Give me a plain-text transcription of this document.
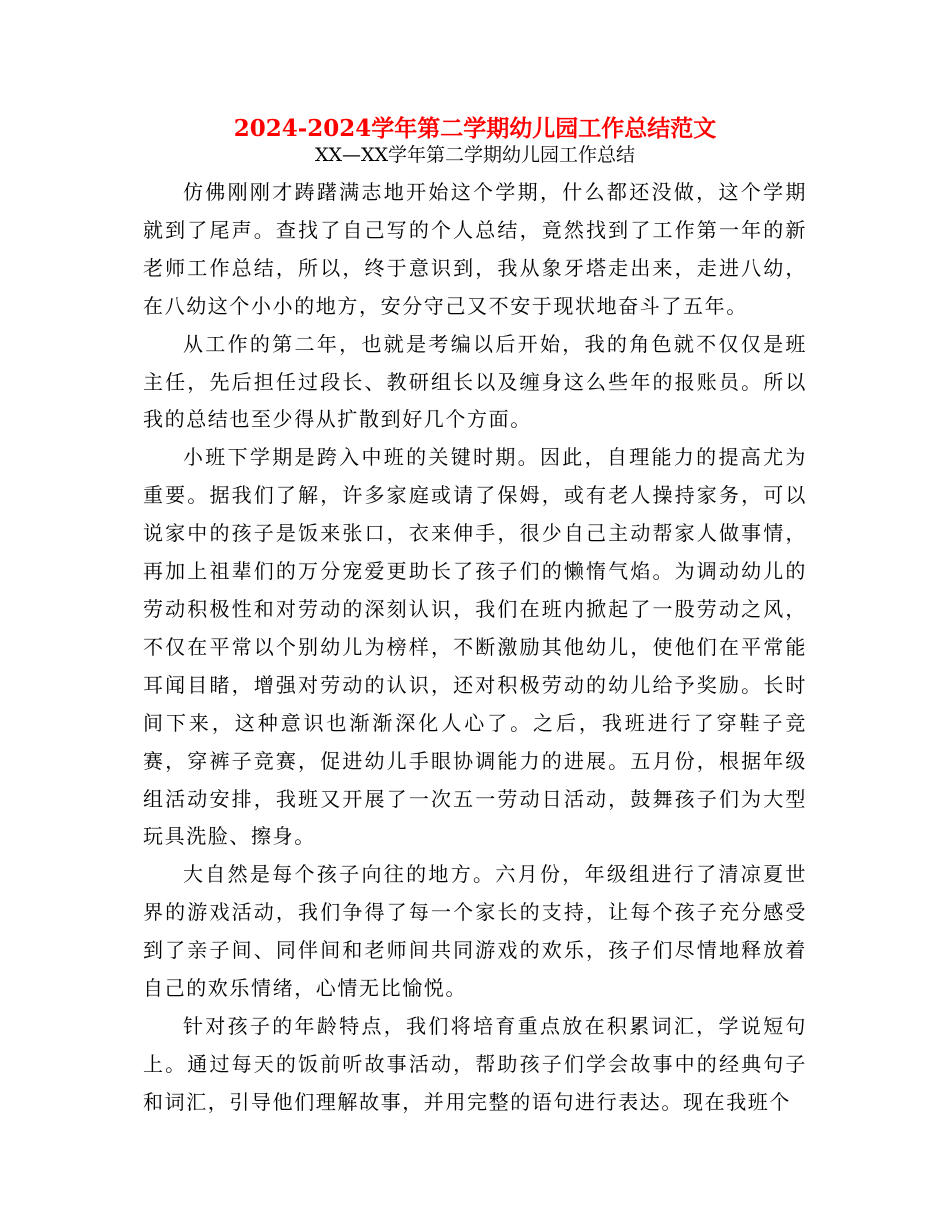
2024-2024学年第二学期幼儿园工作总结范文
XX—XX学年第二学期幼儿园工作总结

仿佛刚刚才踌躇满志地开始这个学期，什么都还没做，这个学期就到了尾声。查找了自己写的个人总结，竟然找到了工作第一年的新老师工作总结，所以，终于意识到，我从象牙塔走出来，走进八幼，在八幼这个小小的地方，安分守己又不安于现状地奋斗了五年。

从工作的第二年，也就是考编以后开始，我的角色就不仅仅是班主任，先后担任过段长、教研组长以及缠身这么些年的报账员。所以我的总结也至少得从扩散到好几个方面。

小班下学期是跨入中班的关键时期。因此，自理能力的提高尤为重要。据我们了解，许多家庭或请了保姆，或有老人操持家务，可以说家中的孩子是饭来张口，衣来伸手，很少自己主动帮家人做事情，再加上祖辈们的万分宠爱更助长了孩子们的懒惰气焰。为调动幼儿的劳动积极性和对劳动的深刻认识，我们在班内掀起了一股劳动之风，不仅在平常以个别幼儿为榜样，不断激励其他幼儿，使他们在平常能耳闻目睹，增强对劳动的认识，还对积极劳动的幼儿给予奖励。长时间下来，这种意识也渐渐深化人心了。之后，我班进行了穿鞋子竞赛，穿裤子竞赛，促进幼儿手眼协调能力的进展。五月份，根据年级组活动安排，我班又开展了一次五一劳动日活动，鼓舞孩子们为大型玩具洗脸、擦身。

大自然是每个孩子向往的地方。六月份，年级组进行了清凉夏世界的游戏活动，我们争得了每一个家长的支持，让每个孩子充分感受到了亲子间、同伴间和老师间共同游戏的欢乐，孩子们尽情地释放着自己的欢乐情绪，心情无比愉悦。

针对孩子的年龄特点，我们将培育重点放在积累词汇，学说短句上。通过每天的饭前听故事活动，帮助孩子们学会故事中的经典句子和词汇，引导他们理解故事，并用完整的语句进行表达。现在我班个
